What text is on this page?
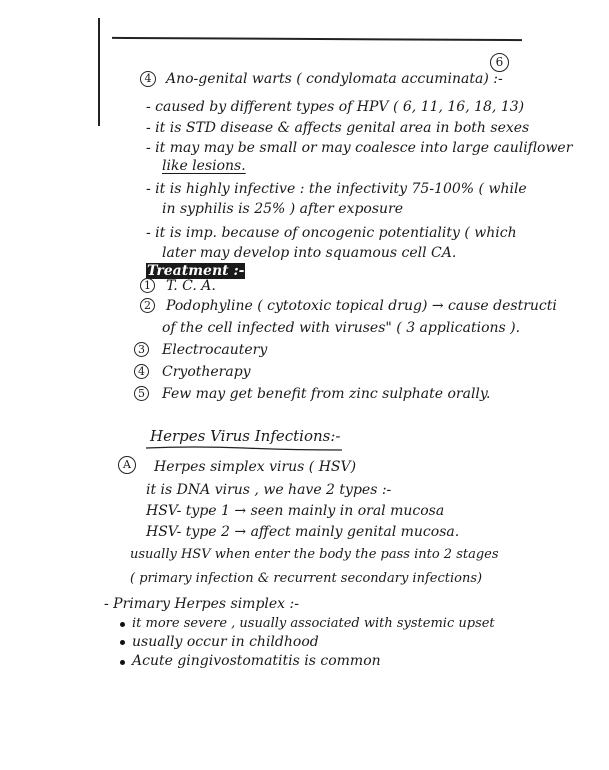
6
4	Ano-genital warts ( condylomata accuminata) :-
- caused by different types of HPV ( 6, 11, 16, 18, 13)
- it is STD disease & affects genital area in both sexes
- it may may be small or may coalesce into large cauliflower
like lesions.
- it is highly infective : the infectivity 75-100% ( while
in syphilis is 25% ) after exposure
- it is imp. because of oncogenic potentiality ( which
later may develop into squamous cell CA.
Treatment :-
1 T. C. A.
2 Podophyline ( cytotoxic topical drug) → cause destructi
of the cell infected with viruses" ( 3 applications ).
3 Electrocautery
4 Cryotherapy
5 Few may get benefit from zinc sulphate orally.
Herpes Virus Infections:-
A	Herpes simplex virus ( HSV)
it is DNA virus , we have 2 types :-
HSV- type 1 → seen mainly in oral mucosa
HSV- type 2 → affect mainly genital mucosa.
usually HSV when enter the body the pass into 2 stages
( primary infection & recurrent secondary infections)
- Primary Herpes simplex :-
it more severe , usually associated with systemic upset
usually occur in childhood
Acute gingivostomatitis is common
